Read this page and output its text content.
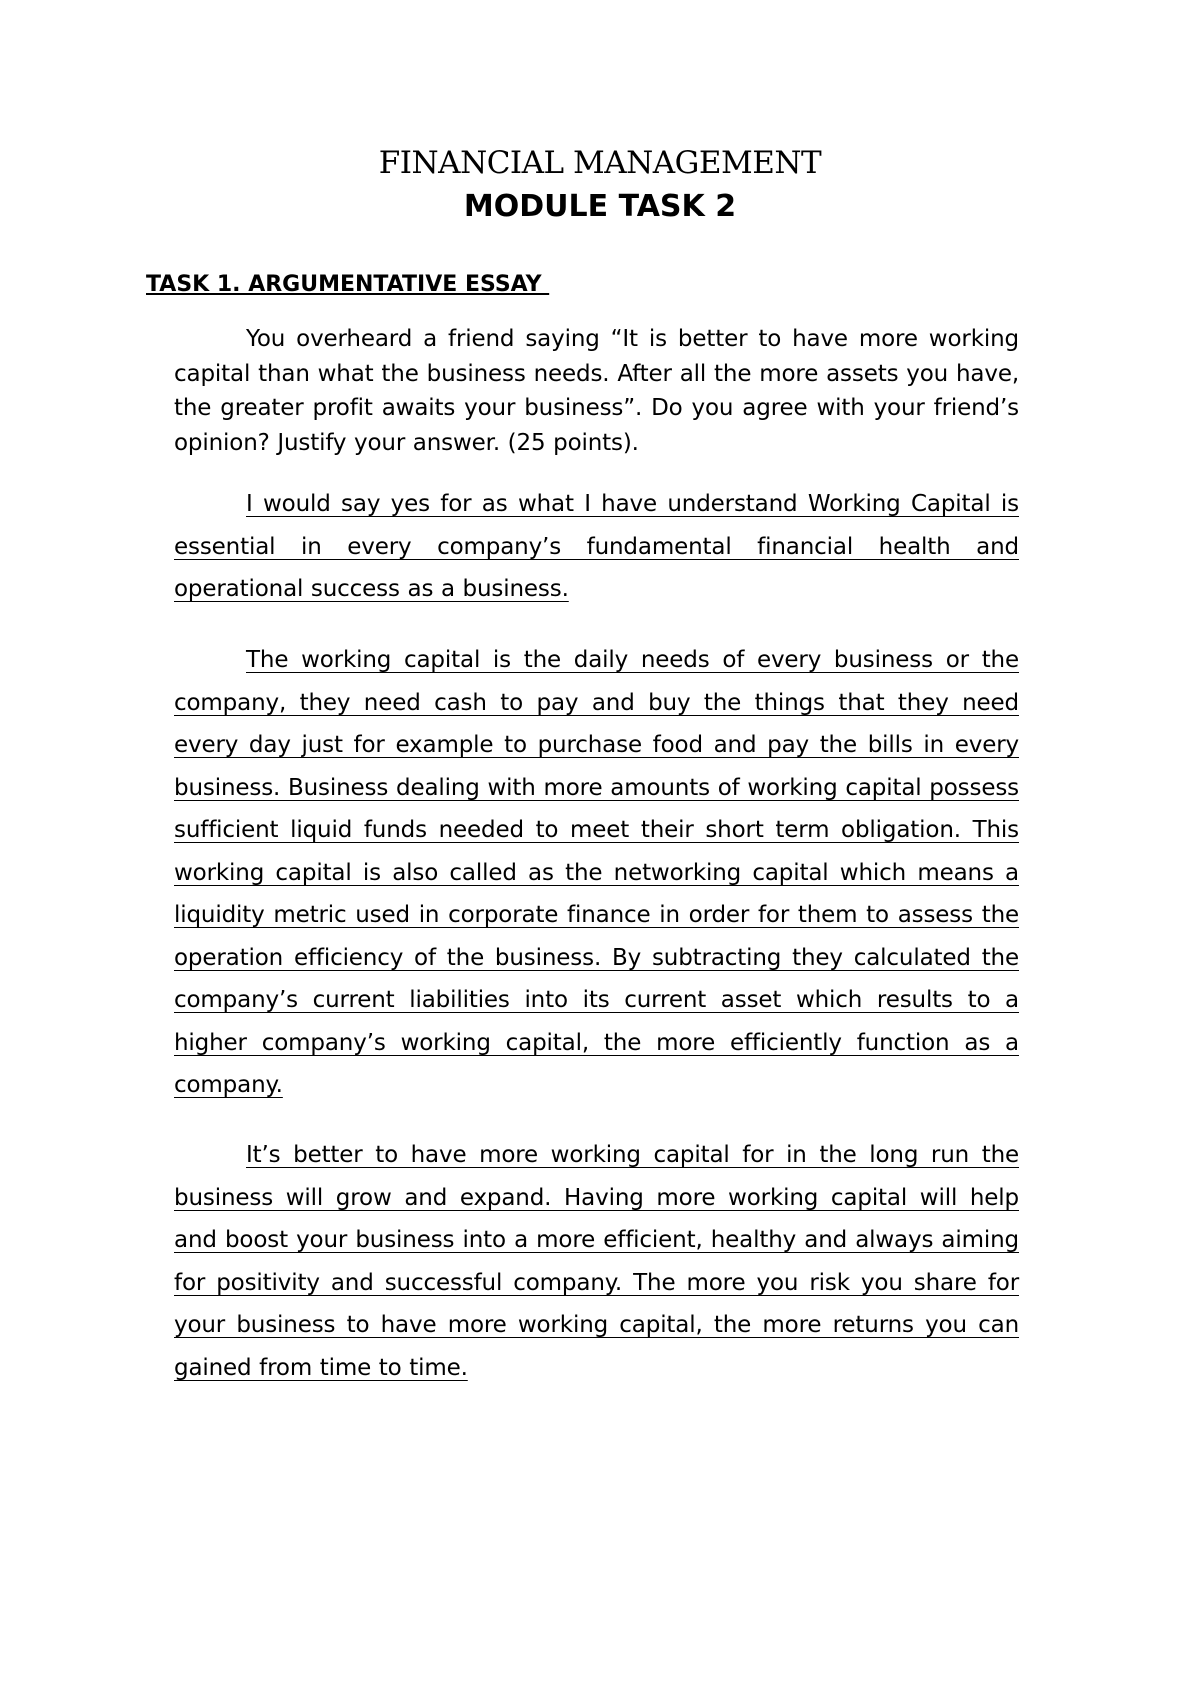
FINANCIAL MANAGEMENT
MODULE TASK 2
TASK 1. ARGUMENTATIVE ESSAY

You overheard a friend saying “It is better to have more working capital than what the business needs. After all the more assets you have, the greater profit awaits your business”. Do you agree with your friend’s opinion? Justify your answer. (25 points).

I would say yes for as what I have understand Working Capital is essential in every company’s fundamental financial health and operational success as a business.

The working capital is the daily needs of every business or the company, they need cash to pay and buy the things that they need every day just for example to purchase food and pay the bills in every business. Business dealing with more amounts of working capital possess sufficient liquid funds needed to meet their short term obligation. This working capital is also called as the networking capital which means a liquidity metric used in corporate finance in order for them to assess the operation efficiency of the business. By subtracting they calculated the company’s current liabilities into its current asset which results to a higher company’s working capital, the more efficiently function as a company.

It’s better to have more working capital for in the long run the business will grow and expand. Having more working capital will help and boost your business into a more efficient, healthy and always aiming for positivity and successful company. The more you risk you share for your business to have more working capital, the more returns you can gained from time to time.
